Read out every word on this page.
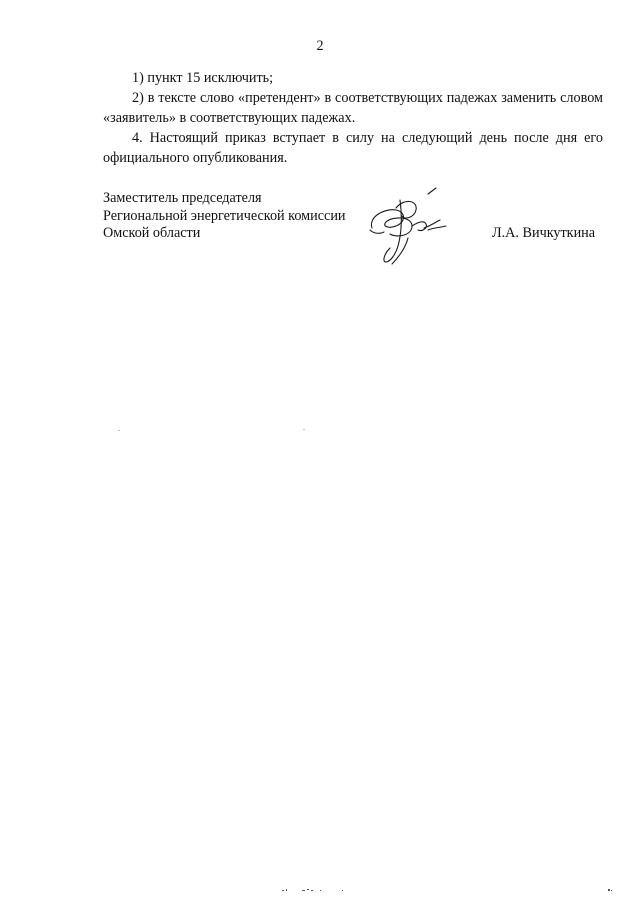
2

1) пункт 15 исключить;

2) в тексте слово «претендент» в соответствующих падежах заменить словом «заявитель» в соответствующих падежах.

4. Настоящий приказ вступает в силу на следующий день после дня его официального опубликования.

Заместитель председателя
Региональной энергетической комиссии
Омской области	Л.А. Вичкуткина
